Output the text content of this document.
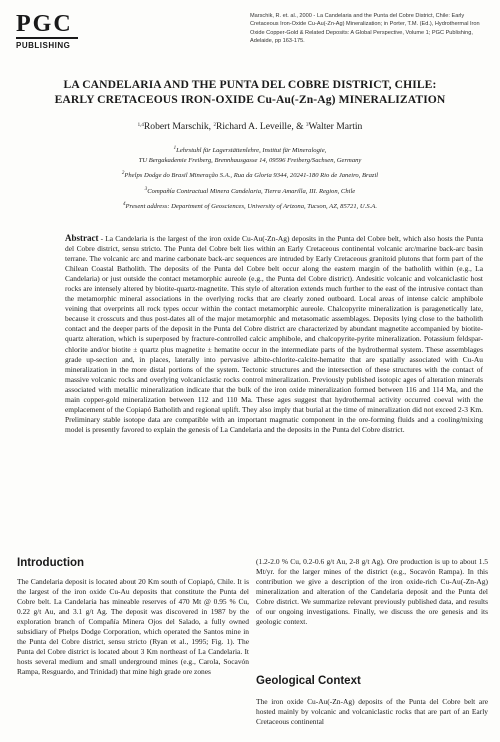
PGC
PUBLISHING
Marschik, R. et. al., 2000 - La Candelaria and the Punta del Cobre District, Chile: Early Cretaceous Iron-Oxide Cu-Au(-Zn-Ag) Mineralization; in Porter, T.M. (Ed.), Hydrothermal Iron Oxide Copper-Gold & Related Deposits: A Global Perspective, Volume 1; PGC Publishing, Adelaide, pp 163-175.
LA CANDELARIA AND THE PUNTA DEL COBRE DISTRICT, CHILE:
EARLY CRETACEOUS IRON-OXIDE Cu-Au(-Zn-Ag) MINERALIZATION
$^{1,4}$Robert Marschik, $^2$Richard A. Leveille, & $^3$Walter Martin
$^1$Lehrstuhl für Lagerstättenlehre, Institut für Mineralogie,
TU Bergakademie Freiberg, Brennhausgasse 14, 09596 Freiberg/Sachsen, Germany
$^2$Phelps Dodge do Brasil Mineração S.A., Rua da Gloria 9344, 20241-180 Rio de Janeiro, Brazil
$^3$Compañía Contractual Minera Candelaria, Tierra Amarilla, III. Region, Chile
$^4$Present address: Department of Geosciences, University of Arizona, Tucson, AZ, 85721, U.S.A.
Abstract - La Candelaria is the largest of the iron oxide Cu-Au(-Zn-Ag) deposits in the Punta del Cobre belt, which also hosts the Punta del Cobre district, sensu stricto. The Punta del Cobre belt lies within an Early Cretaceous continental volcanic arc/marine back-arc basin terrane. The volcanic arc and marine carbonate back-arc sequences are intruded by Early Cretaceous granitoid plutons that form part of the Chilean Coastal Batholith. The deposits of the Punta del Cobre belt occur along the eastern margin of the batholith within (e.g., La Candelaria) or just outside the contact metamorphic aureole (e.g., the Punta del Cobre district). Andesitic volcanic and volcaniclastic host rocks are intensely altered by biotite-quartz-magnetite. This style of alteration extends much further to the east of the intrusive contact than the metamorphic mineral associations in the overlying rocks that are clearly zoned outboard. Local areas of intense calcic amphibole veining that overprints all rock types occur within the contact metamorphic aureole. Chalcopyrite mineralization is paragenetically late, because it crosscuts and thus post-dates all of the major metamorphic and metasomatic assemblages. Deposits lying close to the batholith contact and the deeper parts of the deposit in the Punta del Cobre district are characterized by abundant magnetite accompanied by biotite-quartz alteration, which is superposed by fracture-controlled calcic amphibole, and chalcopyrite-pyrite mineralization. Potassium feldspar-chlorite and/or biotite ± quartz plus magnetite ± hematite occur in the intermediate parts of the hydrothermal system. These assemblages grade up-section and, in places, laterally into pervasive albite-chlorite-calcite-hematite that are spatially associated with Cu-Au mineralization in the more distal portions of the system. Tectonic structures and the intersection of these structures with the contact of massive volcanic rocks and overlying volcaniclastic rocks control mineralization. Previously published isotopic ages of alteration minerals associated with metallic mineralization indicate that the bulk of the iron oxide mineralization formed between 116 and 114 Ma, and the main copper-gold mineralization between 112 and 110 Ma. These ages suggest that hydrothermal activity occurred coeval with the emplacement of the Copiapó Batholith and regional uplift. They also imply that burial at the time of mineralization did not exceed 2-3 Km. Preliminary stable isotope data are compatible with an important magmatic component in the ore-forming fluids and a cooling/mixing model is presently favored to explain the genesis of La Candelaria and the deposits in the Punta del Cobre district.
Introduction
The Candelaria deposit is located about 20 Km south of Copiapó, Chile. It is the largest of the iron oxide Cu-Au deposits that constitute the Punta del Cobre belt. La Candelaria has mineable reserves of 470 Mt @ 0.95 % Cu, 0.22 g/t Au, and 3.1 g/t Ag. The deposit was discovered in 1987 by the exploration branch of Compañía Minera Ojos del Salado, a fully owned subsidiary of Phelps Dodge Corporation, which operated the Santos mine in the Punta del Cobre district, sensu stricto (Ryan et al., 1995; Fig. 1). The Punta del Cobre district is located about 3 Km northeast of La Candelaria. It hosts several medium and small underground mines (e.g., Carola, Socavón Rampa, Resguardo, and Trinidad) that mine high grade ore zones
(1.2-2.0 % Cu, 0.2-0.6 g/t Au, 2-8 g/t Ag). Ore production is up to about 1.5 Mt/yr. for the larger mines of the district (e.g., Socavón Rampa). In this contribution we give a description of the iron oxide-rich Cu-Au(-Zn-Ag) mineralization and alteration of the Candelaria deposit and the Punta del Cobre district. We summarize relevant previously published data, and results of our ongoing investigations. Finally, we discuss the ore genesis and its geologic context.
Geological Context
The iron oxide Cu-Au(-Zn-Ag) deposits of the Punta del Cobre belt are hosted mainly by volcanic and volcaniclastic rocks that are part of an Early Cretaceous continental
